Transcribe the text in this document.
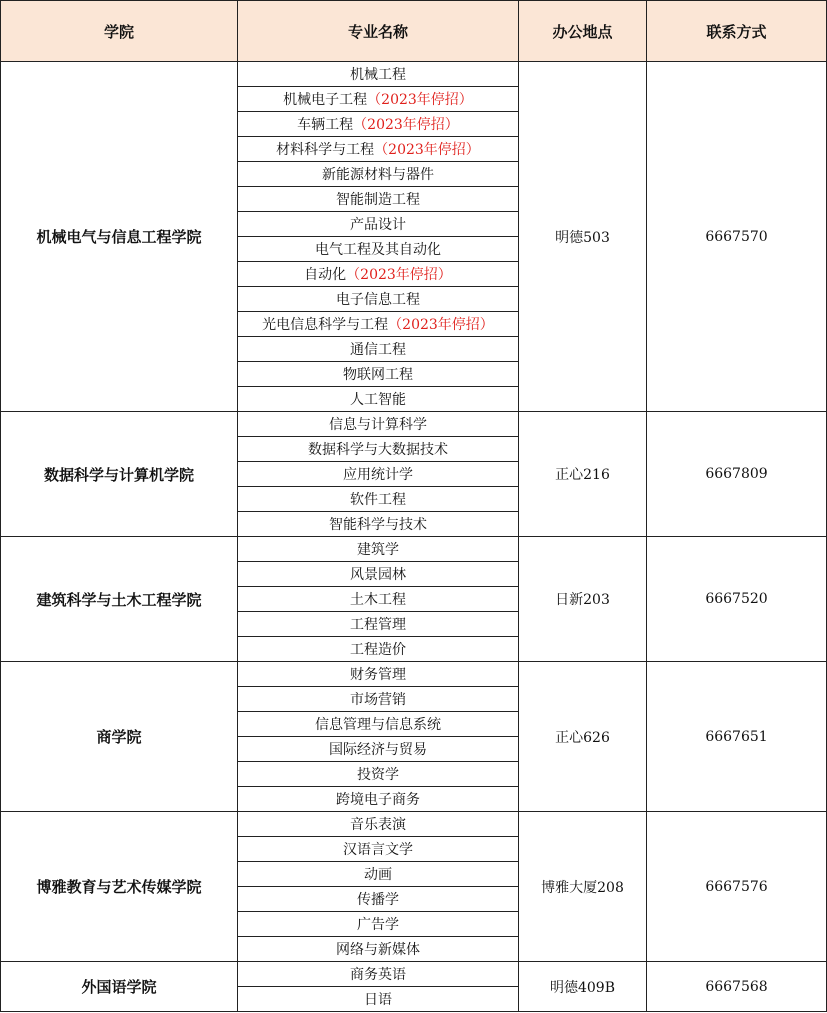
学院	专业名称	办公地点	联系方式
机械电气与信息工程学院	机械工程	明德503	6667570
	机械电子工程（2023年停招）		
	车辆工程（2023年停招）		
	材料科学与工程（2023年停招）		
	新能源材料与器件		
	智能制造工程		
	产品设计		
	电气工程及其自动化		
	自动化（2023年停招）		
	电子信息工程		
	光电信息科学与工程（2023年停招）		
	通信工程		
	物联网工程		
	人工智能		
数据科学与计算机学院	信息与计算科学	正心216	6667809
	数据科学与大数据技术		
	应用统计学		
	软件工程		
	智能科学与技术		
建筑科学与土木工程学院	建筑学	日新203	6667520
	风景园林		
	土木工程		
	工程管理		
	工程造价		
商学院	财务管理	正心626	6667651
	市场营销		
	信息管理与信息系统		
	国际经济与贸易		
	投资学		
	跨境电子商务		
博雅教育与艺术传媒学院	音乐表演	博雅大厦208	6667576
	汉语言文学		
	动画		
	传播学		
	广告学		
	网络与新媒体		
外国语学院	商务英语	明德409B	6667568
	日语		
